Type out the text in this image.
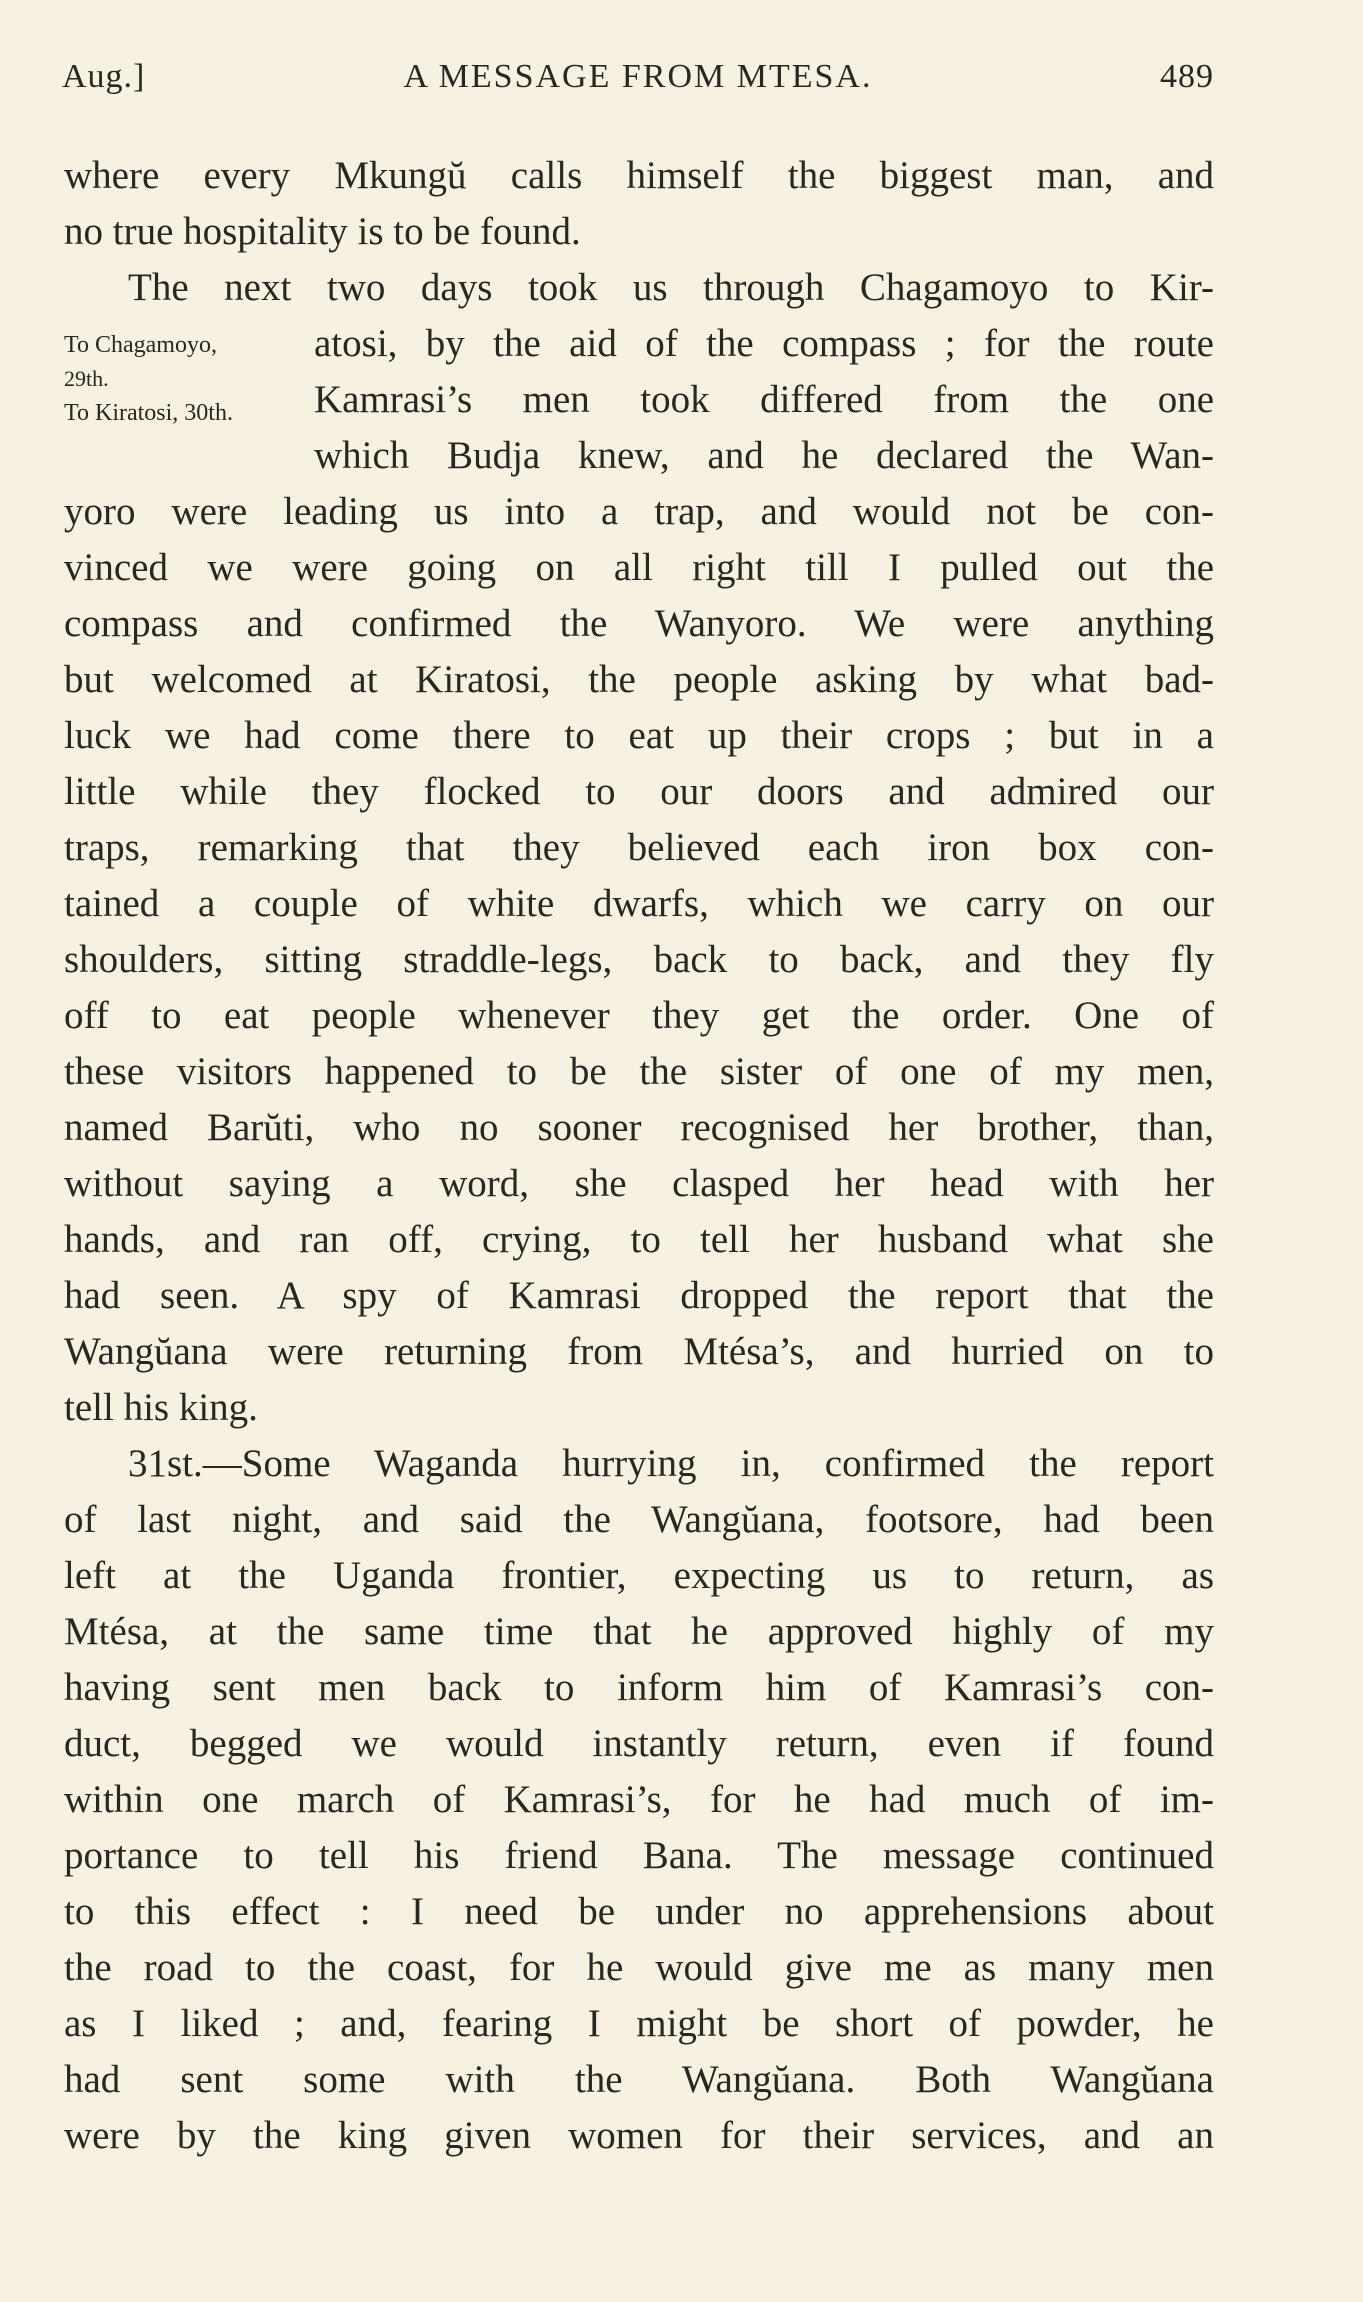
Aug.]	A MESSAGE FROM MTESA.	489
To Chagamoyo,
29th.
To Kiratosi, 30th.
where every Mkungŭ calls himself the biggest man, and
no true hospitality is to be found.
The next two days took us through Chagamoyo to Kir-
atosi, by the aid of the compass ; for the route
Kamrasi’s men took differed from the one
which Budja knew, and he declared the Wan-
yoro were leading us into a trap, and would not be con-
vinced we were going on all right till I pulled out the
compass and confirmed the Wanyoro. We were anything
but welcomed at Kiratosi, the people asking by what bad-
luck we had come there to eat up their crops ; but in a
little while they flocked to our doors and admired our
traps, remarking that they believed each iron box con-
tained a couple of white dwarfs, which we carry on our
shoulders, sitting straddle-legs, back to back, and they fly
off to eat people whenever they get the order. One of
these visitors happened to be the sister of one of my men,
named Barŭti, who no sooner recognised her brother, than,
without saying a word, she clasped her head with her
hands, and ran off, crying, to tell her husband what she
had seen. A spy of Kamrasi dropped the report that the
Wangŭana were returning from Mtésa’s, and hurried on to
tell his king.
31st.—Some Waganda hurrying in, confirmed the report
of last night, and said the Wangŭana, footsore, had been
left at the Uganda frontier, expecting us to return, as
Mtésa, at the same time that he approved highly of my
having sent men back to inform him of Kamrasi’s con-
duct, begged we would instantly return, even if found
within one march of Kamrasi’s, for he had much of im-
portance to tell his friend Bana. The message continued
to this effect : I need be under no apprehensions about
the road to the coast, for he would give me as many men
as I liked ; and, fearing I might be short of powder, he
had sent some with the Wangŭana. Both Wangŭana
were by the king given women for their services, and an
